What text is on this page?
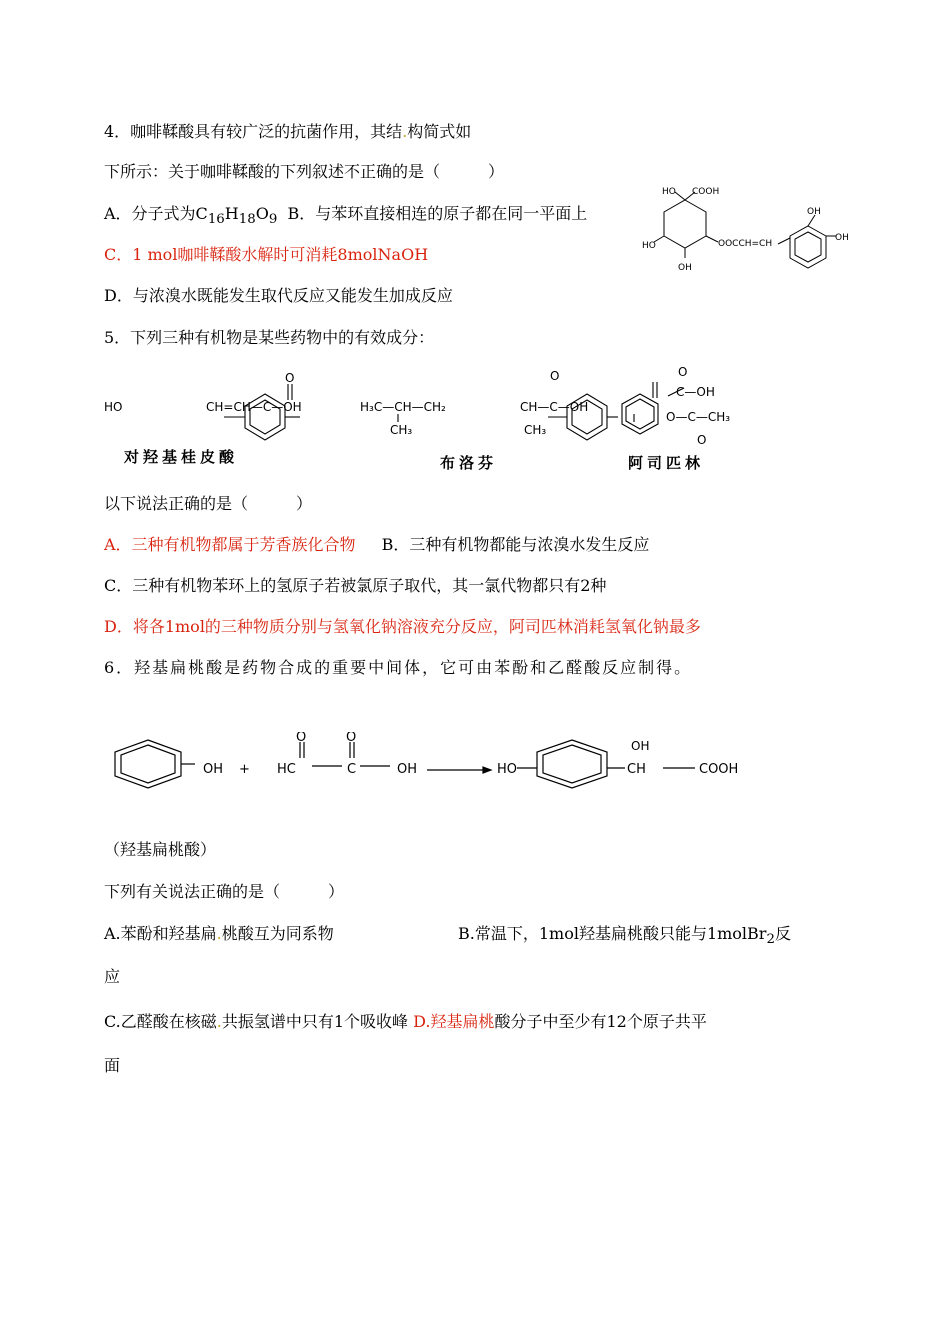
4．咖啡鞣酸具有较广泛的抗菌作用，其结.构简式如
下所示：关于咖啡鞣酸的下列叙述不正确的是（　　　）
A．分子式为$C_{16}H_{18}O_9$ B．与苯环直接相连的原子都在同一平面上
C．1 mol咖啡鞣酸水解时可消耗8molNaOH
D．与浓溴水既能发生取代反应又能发生加成反应
HO COOH
OH
OH
HO	OOCCH=CH
OH
5．下列三种有机物是某些药物中的有效成分：
HO	CH=CH—C—OH
O
H₃C—CH—CH₂
CH₃
CH—C—OH
O
CH₃
C—OH
O
O—C—CH₃
O
对羟基桂皮酸	布洛芬	阿司匹林
以下说法正确的是（　　　）
A．三种有机物都属于芳香族化合物 B．三种有机物都能与浓溴水发生反应
C．三种有机物苯环上的氢原子若被氯原子取代，其一氯代物都只有2种
D．将各1mol的三种物质分别与氢氧化钠溶液充分反应，阿司匹林消耗氢氧化钠最多
6．羟基扁桃酸是药物合成的重要中间体，它可由苯酚和乙醛酸反应制得。
OH + HC	C	OH
O	O
HO
OH
CH	COOH
（羟基扁桃酸）
下列有关说法正确的是（　　　）
A.苯酚和羟基扁.桃酸互为同系物	B.常温下，1mol羟基扁桃酸只能与1molBr$_2$反
应
C.乙醛酸在核磁.共振氢谱中只有1个吸收峰 D.羟基扁桃酸分子中至少有12个原子共平
面
